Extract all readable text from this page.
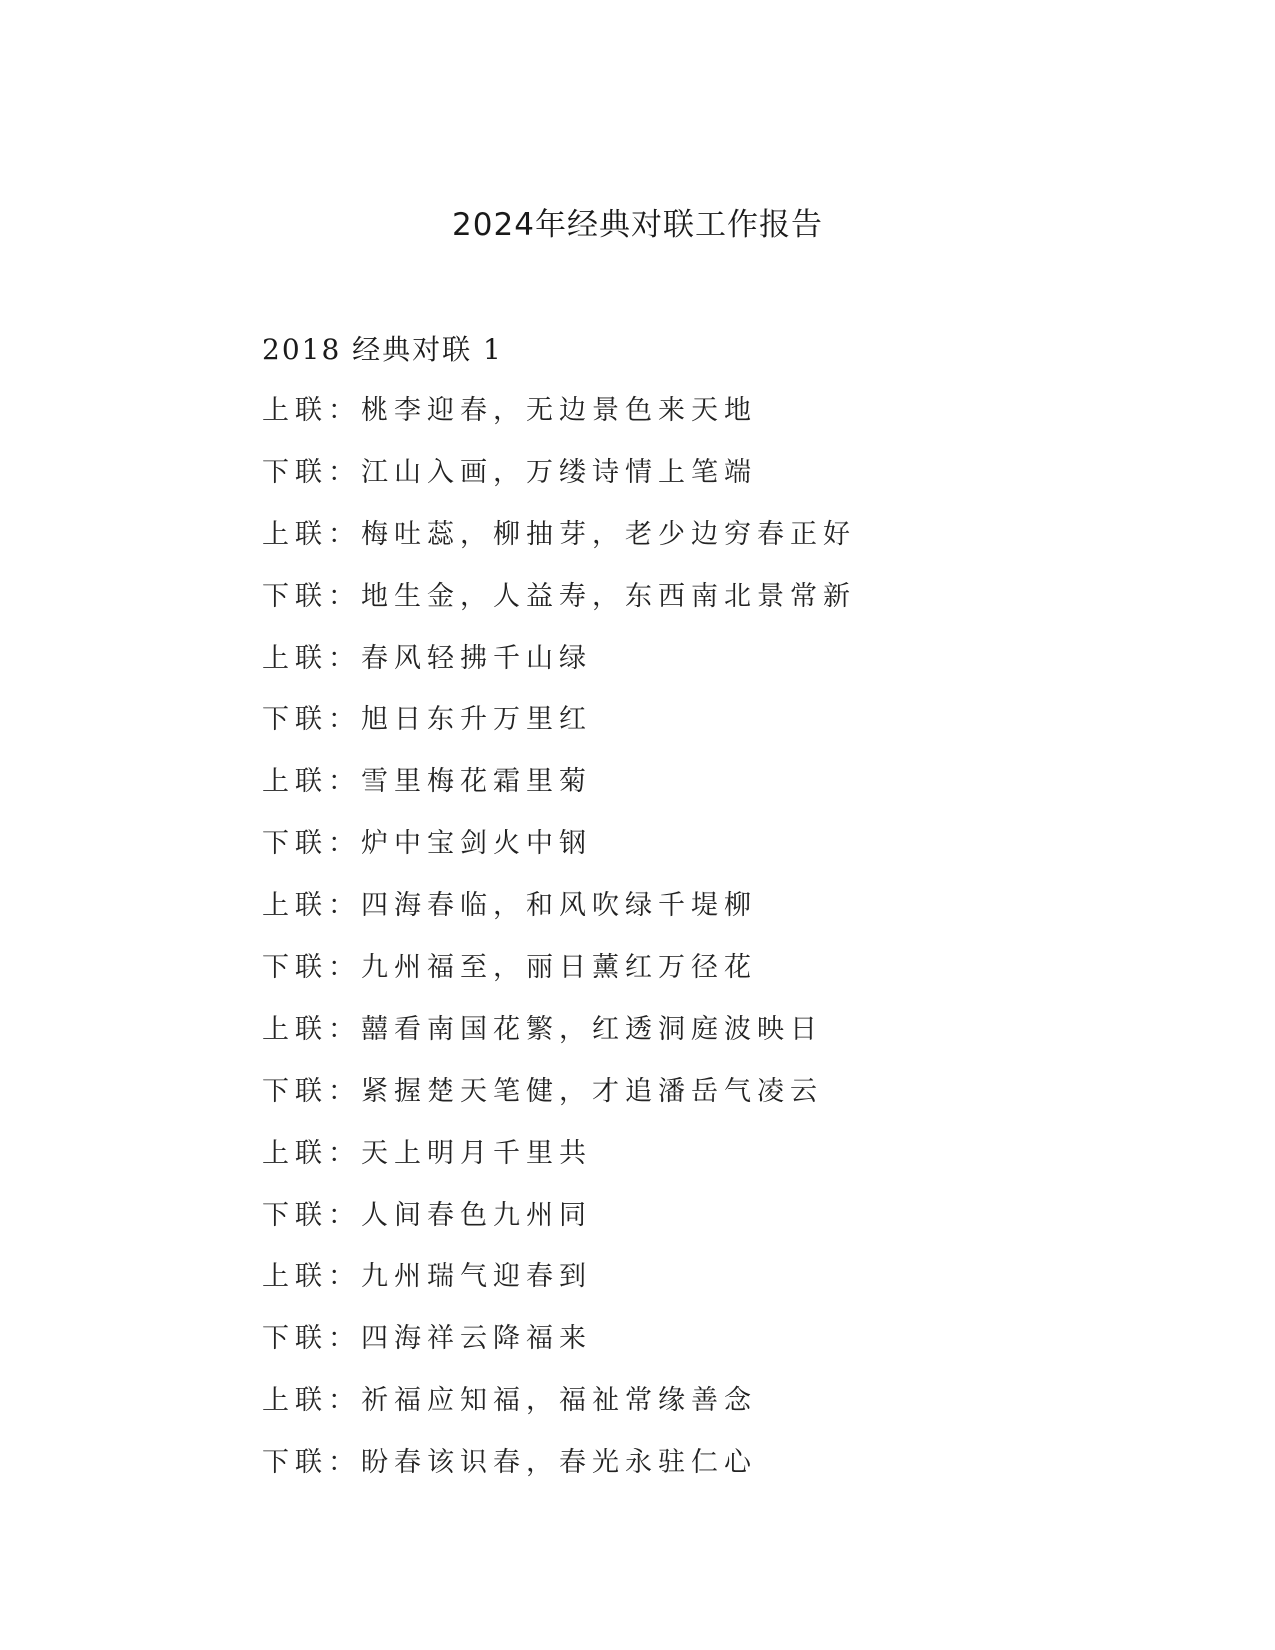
2024年经典对联工作报告
2018 经典对联 1
上联：桃李迎春，无边景色来天地
下联：江山入画，万缕诗情上笔端
上联：梅吐蕊，柳抽芽，老少边穷春正好
下联：地生金，人益寿，东西南北景常新
上联：春风轻拂千山绿
下联：旭日东升万里红
上联：雪里梅花霜里菊
下联：炉中宝剑火中钢
上联：四海春临，和风吹绿千堤柳
下联：九州福至，丽日薰红万径花
上联：囍看南国花繁，红透洞庭波映日
下联：紧握楚天笔健，才追潘岳气凌云
上联：天上明月千里共
下联：人间春色九州同
上联：九州瑞气迎春到
下联：四海祥云降福来
上联：祈福应知福，福祉常缘善念
下联：盼春该识春，春光永驻仁心
